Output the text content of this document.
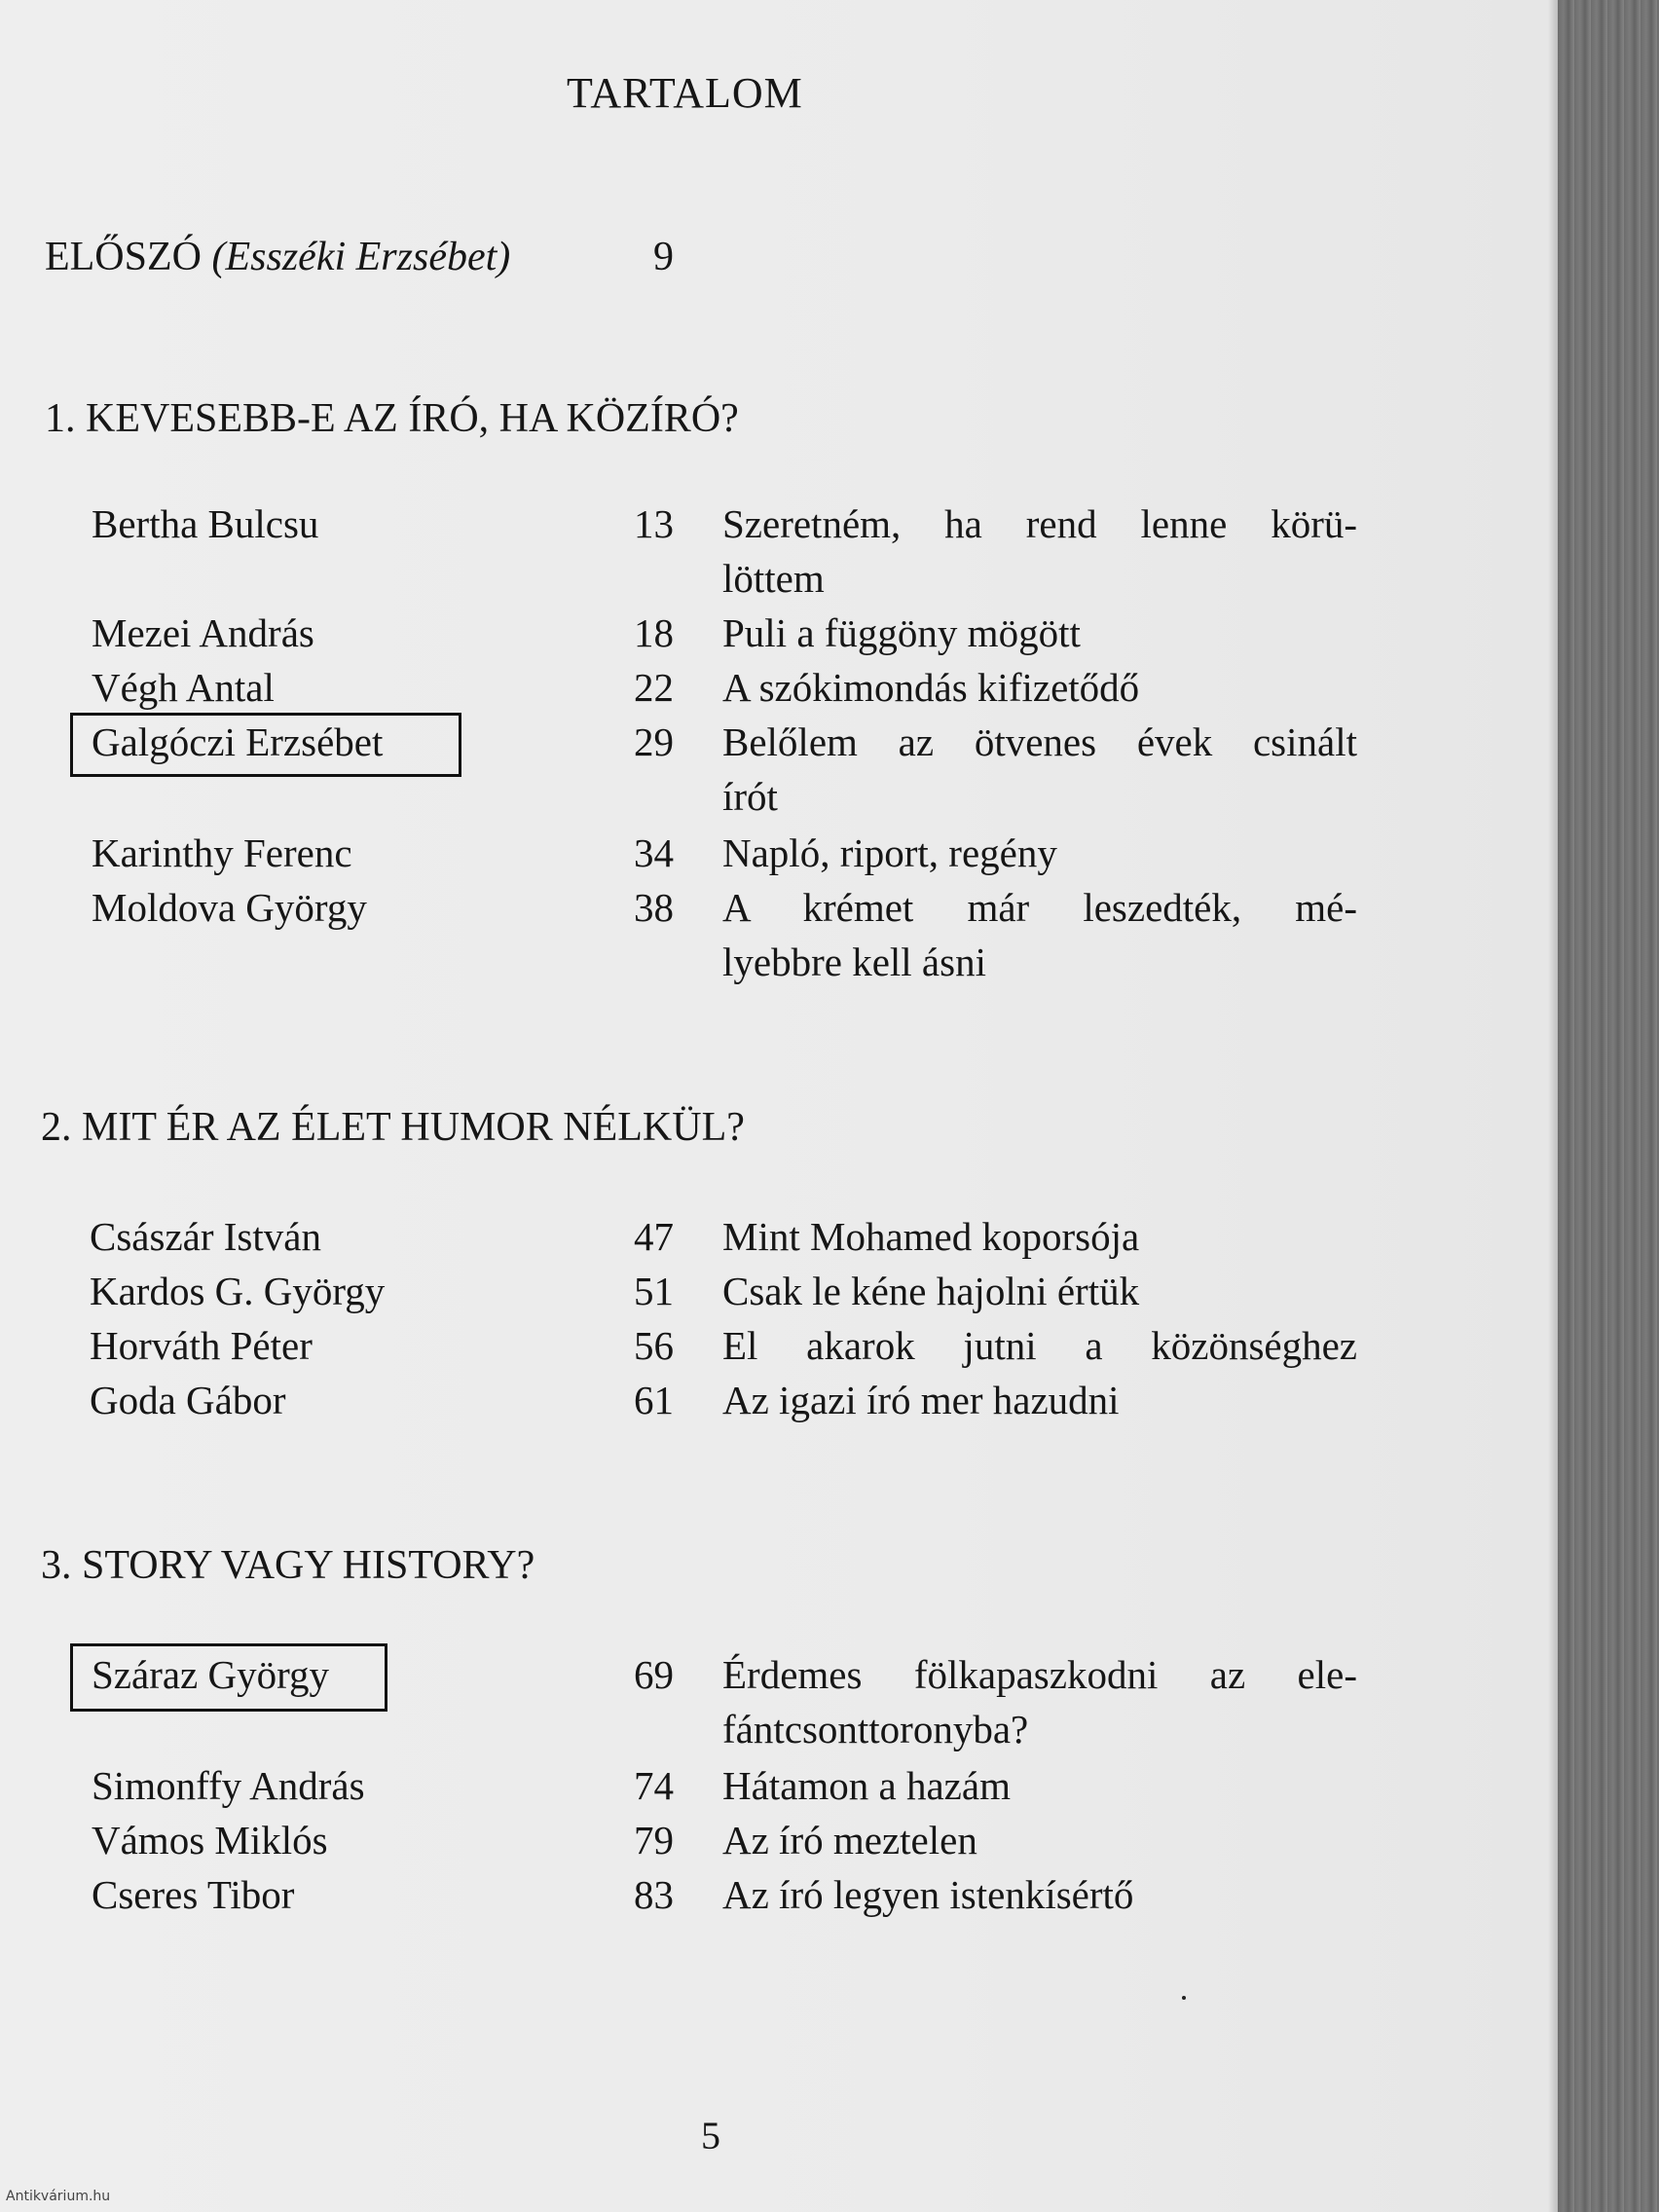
TARTALOM
ELŐSZÓ (Esszéki Erzsébet)	9
1. KEVESEBB-E AZ ÍRÓ, HA KÖZÍRÓ?
Bertha Bulcsu	13 Szeretném, ha rend lenne körü-
löttem
Mezei András	18 Puli a függöny mögött
Végh Antal	22 A szókimondás kifizetődő
Galgóczi Erzsébet	29 Belőlem az ötvenes évek csinált
írót
Karinthy Ferenc	34 Napló, riport, regény
Moldova György	38 A krémet már leszedték, mé-
lyebbre kell ásni
2. MIT ÉR AZ ÉLET HUMOR NÉLKÜL?
Császár István	47 Mint Mohamed koporsója
Kardos G. György	51 Csak le kéne hajolni értük
Horváth Péter	56 El akarok jutni a közönséghez
Goda Gábor	61 Az igazi író mer hazudni
3. STORY VAGY HISTORY?
Száraz György	69 Érdemes fölkapaszkodni az ele-
fántcsonttoronyba?
Simonffy András	74 Hátamon a hazám
Vámos Miklós	79 Az író meztelen
Cseres Tibor	83 Az író legyen istenkísértő
5
Antikvárium.hu
